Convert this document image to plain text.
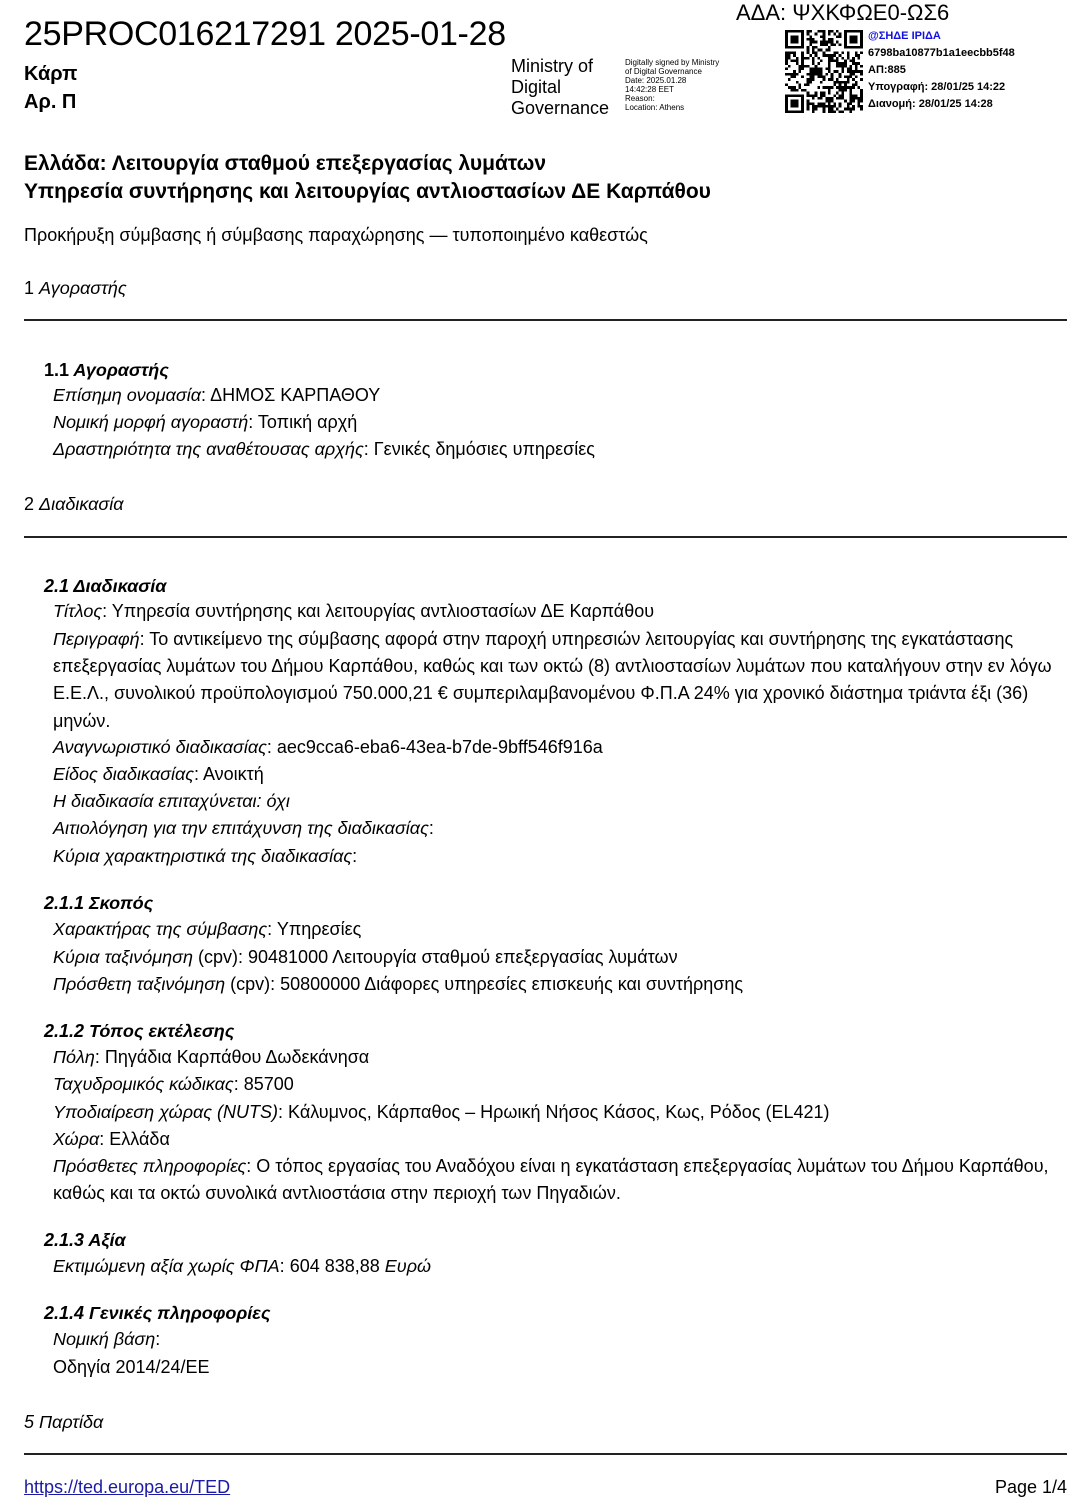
25PROC016217291 2025-01-28
ΑΔΑ: ΨΧΚΦΩΕ0-ΩΣ6
Κάρπ
Αρ. Π
Ministry of Digital Governance
Digitally signed by Ministry
of Digital Governance
Date: 2025.01.28
14:42:28 EET
Reason:
Location: Athens
@ΣΗΔΕ ΙΡΙΔΑ
6798ba10877b1a1eecbb5f48
ΑΠ:885
Υπογραφή: 28/01/25 14:22
Διανομή: 28/01/25 14:28
Ελλάδα: Λειτουργία σταθμού επεξεργασίας λυμάτων
Υπηρεσία συντήρησης και λειτουργίας αντλιοστασίων ΔΕ Καρπάθου
Προκήρυξη σύμβασης ή σύμβασης παραχώρησης — τυποποιημένο καθεστώς
1 Αγοραστής
1.1 Αγοραστής
Επίσημη ονομασία: ΔΗΜΟΣ ΚΑΡΠΑΘΟΥ
Νομική μορφή αγοραστή: Τοπική αρχή
Δραστηριότητα της αναθέτουσας αρχής: Γενικές δημόσιες υπηρεσίες
2 Διαδικασία
2.1 Διαδικασία
Τίτλος: Υπηρεσία συντήρησης και λειτουργίας αντλιοστασίων ΔΕ Καρπάθου
Περιγραφή: Το αντικείμενο της σύμβασης αφορά στην παροχή υπηρεσιών λειτουργίας και συντήρησης της εγκατάστασης επεξεργασίας λυμάτων του Δήμου Καρπάθου, καθώς και των οκτώ (8) αντλιοστασίων λυμάτων που καταλήγουν στην εν λόγω Ε.Ε.Λ., συνολικού προϋπολογισμού 750.000,21 € συμπεριλαμβανομένου Φ.Π.Α 24% για χρονικό διάστημα τριάντα έξι (36) μηνών.
Αναγνωριστικό διαδικασίας: aec9cca6-eba6-43ea-b7de-9bff546f916a
Είδος διαδικασίας: Ανοικτή
Η διαδικασία επιταχύνεται: όχι
Αιτιολόγηση για την επιτάχυνση της διαδικασίας:
Κύρια χαρακτηριστικά της διαδικασίας:
2.1.1 Σκοπός
Χαρακτήρας της σύμβασης: Υπηρεσίες
Κύρια ταξινόμηση (cpv): 90481000 Λειτουργία σταθμού επεξεργασίας λυμάτων
Πρόσθετη ταξινόμηση (cpv): 50800000 Διάφορες υπηρεσίες επισκευής και συντήρησης
2.1.2 Τόπος εκτέλεσης
Πόλη: Πηγάδια Καρπάθου Δωδεκάνησα
Ταχυδρομικός κώδικας: 85700
Υποδιαίρεση χώρας (NUTS): Κάλυμνος, Κάρπαθος – Ηρωική Νήσος Κάσος, Κως, Ρόδος (EL421)
Χώρα: Ελλάδα
Πρόσθετες πληροφορίες: Ο τόπος εργασίας του Αναδόχου είναι η εγκατάσταση επεξεργασίας λυμάτων του Δήμου Καρπάθου, καθώς και τα οκτώ συνολικά αντλιοστάσια στην περιοχή των Πηγαδιών.
2.1.3 Αξία
Εκτιμώμενη αξία χωρίς ΦΠΑ: 604 838,88 Ευρώ
2.1.4 Γενικές πληροφορίες
Νομική βάση:
Οδηγία 2014/24/ΕΕ
5 Παρτίδα
https://ted.europa.eu/TED	Page 1/4
